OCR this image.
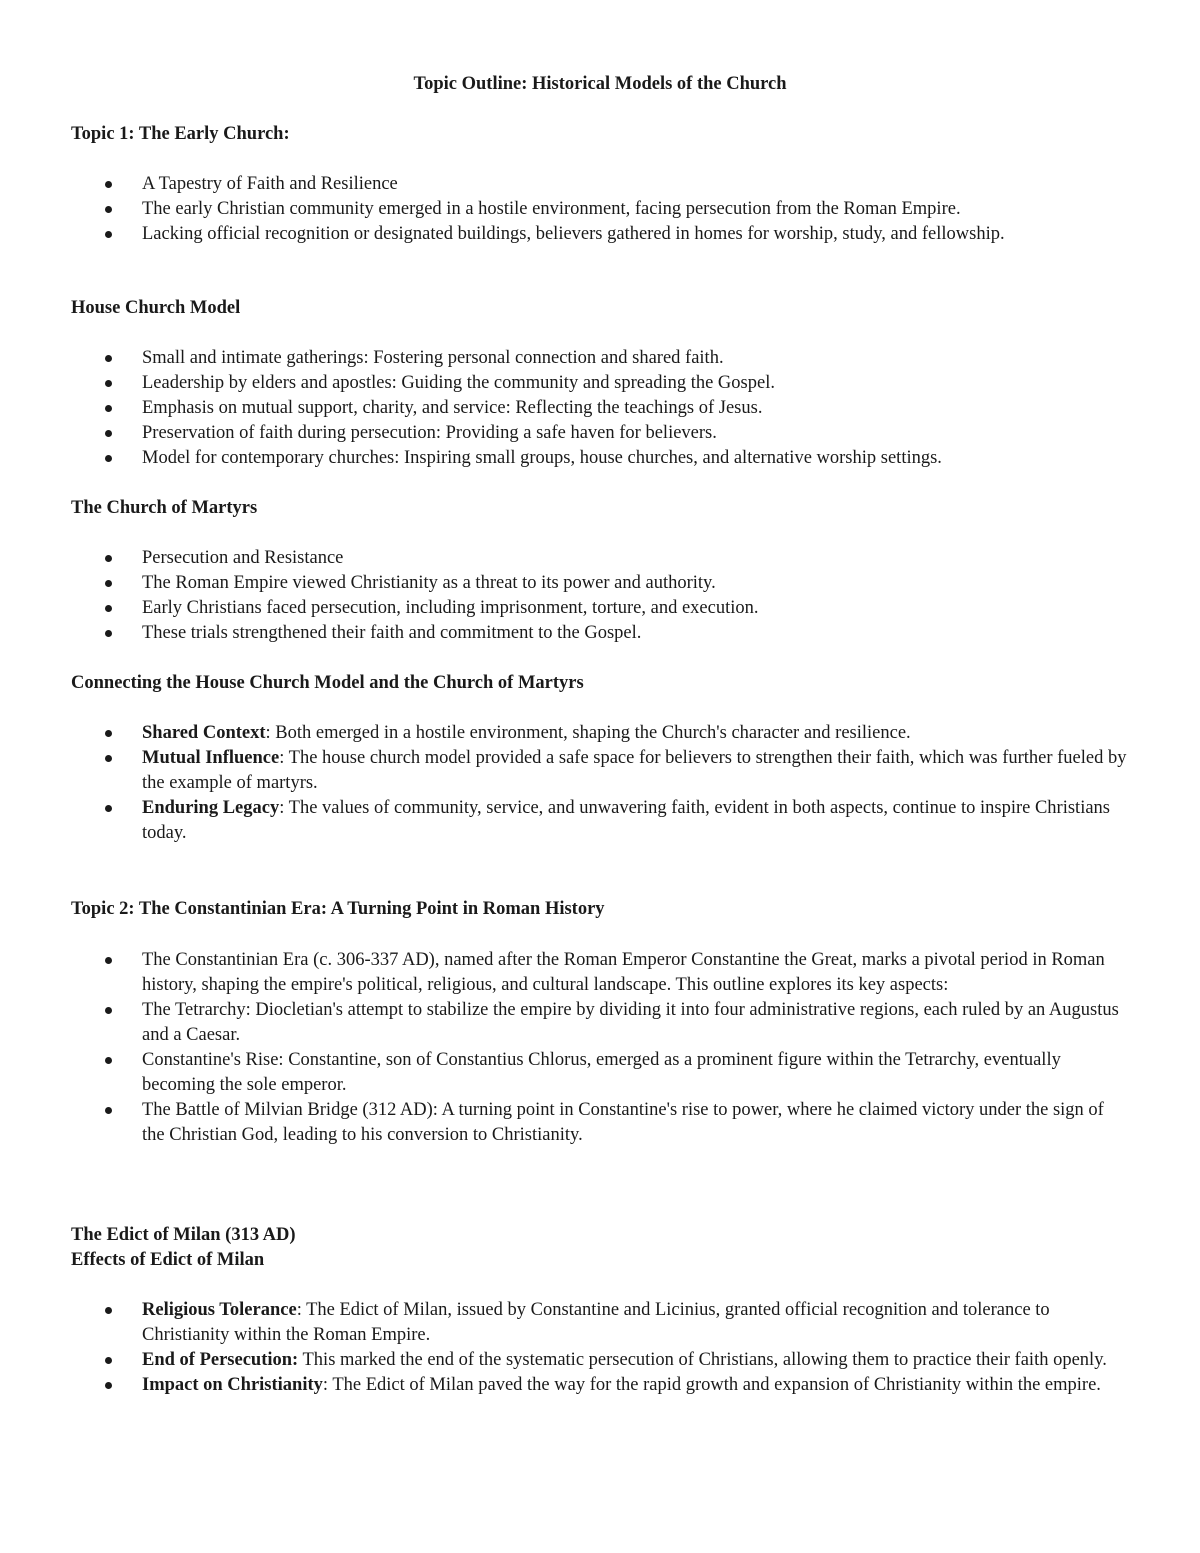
Topic Outline: Historical Models of the Church
Topic 1: The Early Church:
A Tapestry of Faith and Resilience
The early Christian community emerged in a hostile environment, facing persecution from the Roman Empire.
Lacking official recognition or designated buildings, believers gathered in homes for worship, study, and fellowship.
House Church Model
Small and intimate gatherings: Fostering personal connection and shared faith.
Leadership by elders and apostles: Guiding the community and spreading the Gospel.
Emphasis on mutual support, charity, and service: Reflecting the teachings of Jesus.
Preservation of faith during persecution: Providing a safe haven for believers.
Model for contemporary churches: Inspiring small groups, house churches, and alternative worship settings.
The Church of Martyrs
Persecution and Resistance
The Roman Empire viewed Christianity as a threat to its power and authority.
Early Christians faced persecution, including imprisonment, torture, and execution.
These trials strengthened their faith and commitment to the Gospel.
Connecting the House Church Model and the Church of Martyrs
Shared Context: Both emerged in a hostile environment, shaping the Church's character and resilience.
Mutual Influence: The house church model provided a safe space for believers to strengthen their faith, which was further fueled by the example of martyrs.
Enduring Legacy: The values of community, service, and unwavering faith, evident in both aspects, continue to inspire Christians today.
Topic 2: The Constantinian Era: A Turning Point in Roman History
The Constantinian Era (c. 306-337 AD), named after the Roman Emperor Constantine the Great, marks a pivotal period in Roman history, shaping the empire's political, religious, and cultural landscape. This outline explores its key aspects:
The Tetrarchy: Diocletian's attempt to stabilize the empire by dividing it into four administrative regions, each ruled by an Augustus and a Caesar.
Constantine's Rise: Constantine, son of Constantius Chlorus, emerged as a prominent figure within the Tetrarchy, eventually becoming the sole emperor.
The Battle of Milvian Bridge (312 AD): A turning point in Constantine's rise to power, where he claimed victory under the sign of the Christian God, leading to his conversion to Christianity.
The Edict of Milan (313 AD)
Effects of Edict of Milan
Religious Tolerance: The Edict of Milan, issued by Constantine and Licinius, granted official recognition and tolerance to Christianity within the Roman Empire.
End of Persecution: This marked the end of the systematic persecution of Christians, allowing them to practice their faith openly.
Impact on Christianity: The Edict of Milan paved the way for the rapid growth and expansion of Christianity within the empire.
